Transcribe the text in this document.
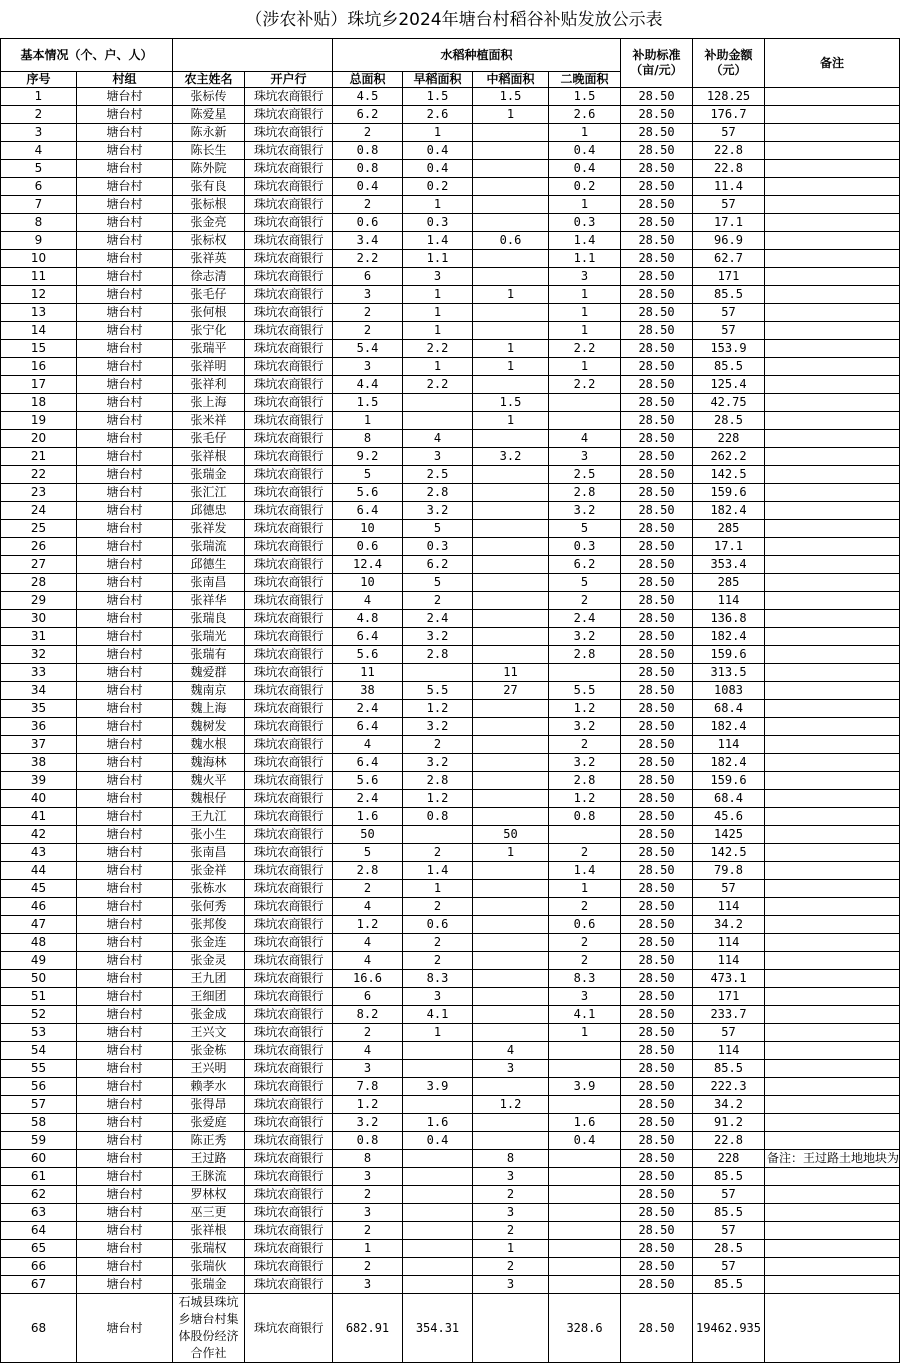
（涉农补贴）珠坑乡2024年塘台村稻谷补贴发放公示表
基本情况（个、户、人）				水稻种植面积				补助标准（亩/元）	补助金额（元）	备注
序号	村组	农主姓名	开户行	总面积	早稻面积	中稻面积	二晚面积			
1	塘台村	张标传	珠坑农商银行	4.5	1.5	1.5	1.5	28.50	128.25	
2	塘台村	陈爱星	珠坑农商银行	6.2	2.6	1	2.6	28.50	176.7	
3	塘台村	陈永新	珠坑农商银行	2	1		1	28.50	57	
4	塘台村	陈长生	珠坑农商银行	0.8	0.4		0.4	28.50	22.8	
5	塘台村	陈外院	珠坑农商银行	0.8	0.4		0.4	28.50	22.8	
6	塘台村	张有良	珠坑农商银行	0.4	0.2		0.2	28.50	11.4	
7	塘台村	张标根	珠坑农商银行	2	1		1	28.50	57	
8	塘台村	张金亮	珠坑农商银行	0.6	0.3		0.3	28.50	17.1	
9	塘台村	张标权	珠坑农商银行	3.4	1.4	0.6	1.4	28.50	96.9	
10	塘台村	张祥英	珠坑农商银行	2.2	1.1		1.1	28.50	62.7	
11	塘台村	徐志清	珠坑农商银行	6	3		3	28.50	171	
12	塘台村	张毛仔	珠坑农商银行	3	1	1	1	28.50	85.5	
13	塘台村	张何根	珠坑农商银行	2	1		1	28.50	57	
14	塘台村	张宁化	珠坑农商银行	2	1		1	28.50	57	
15	塘台村	张瑞平	珠坑农商银行	5.4	2.2	1	2.2	28.50	153.9	
16	塘台村	张祥明	珠坑农商银行	3	1	1	1	28.50	85.5	
17	塘台村	张祥利	珠坑农商银行	4.4	2.2		2.2	28.50	125.4	
18	塘台村	张上海	珠坑农商银行	1.5		1.5		28.50	42.75	
19	塘台村	张米祥	珠坑农商银行	1		1		28.50	28.5	
20	塘台村	张毛仔	珠坑农商银行	8	4		4	28.50	228	
21	塘台村	张祥根	珠坑农商银行	9.2	3	3.2	3	28.50	262.2	
22	塘台村	张瑞金	珠坑农商银行	5	2.5		2.5	28.50	142.5	
23	塘台村	张汇江	珠坑农商银行	5.6	2.8		2.8	28.50	159.6	
24	塘台村	邱德忠	珠坑农商银行	6.4	3.2		3.2	28.50	182.4	
25	塘台村	张祥发	珠坑农商银行	10	5		5	28.50	285	
26	塘台村	张瑞流	珠坑农商银行	0.6	0.3		0.3	28.50	17.1	
27	塘台村	邱德生	珠坑农商银行	12.4	6.2		6.2	28.50	353.4	
28	塘台村	张南昌	珠坑农商银行	10	5		5	28.50	285	
29	塘台村	张祥华	珠坑农商银行	4	2		2	28.50	114	
30	塘台村	张瑞良	珠坑农商银行	4.8	2.4		2.4	28.50	136.8	
31	塘台村	张瑞光	珠坑农商银行	6.4	3.2		3.2	28.50	182.4	
32	塘台村	张瑞有	珠坑农商银行	5.6	2.8		2.8	28.50	159.6	
33	塘台村	魏爱群	珠坑农商银行	11		11		28.50	313.5	
34	塘台村	魏南京	珠坑农商银行	38	5.5	27	5.5	28.50	1083	
35	塘台村	魏上海	珠坑农商银行	2.4	1.2		1.2	28.50	68.4	
36	塘台村	魏树发	珠坑农商银行	6.4	3.2		3.2	28.50	182.4	
37	塘台村	魏水根	珠坑农商银行	4	2		2	28.50	114	
38	塘台村	魏海林	珠坑农商银行	6.4	3.2		3.2	28.50	182.4	
39	塘台村	魏火平	珠坑农商银行	5.6	2.8		2.8	28.50	159.6	
40	塘台村	魏根仔	珠坑农商银行	2.4	1.2		1.2	28.50	68.4	
41	塘台村	王九江	珠坑农商银行	1.6	0.8		0.8	28.50	45.6	
42	塘台村	张小生	珠坑农商银行	50		50		28.50	1425	
43	塘台村	张南昌	珠坑农商银行	5	2	1	2	28.50	142.5	
44	塘台村	张金祥	珠坑农商银行	2.8	1.4		1.4	28.50	79.8	
45	塘台村	张栋水	珠坑农商银行	2	1		1	28.50	57	
46	塘台村	张何秀	珠坑农商银行	4	2		2	28.50	114	
47	塘台村	张邦俊	珠坑农商银行	1.2	0.6		0.6	28.50	34.2	
48	塘台村	张金连	珠坑农商银行	4	2		2	28.50	114	
49	塘台村	张金灵	珠坑农商银行	4	2		2	28.50	114	
50	塘台村	王九团	珠坑农商银行	16.6	8.3		8.3	28.50	473.1	
51	塘台村	王细团	珠坑农商银行	6	3		3	28.50	171	
52	塘台村	张金成	珠坑农商银行	8.2	4.1		4.1	28.50	233.7	
53	塘台村	王兴文	珠坑农商银行	2	1		1	28.50	57	
54	塘台村	张金栋	珠坑农商银行	4		4		28.50	114	
55	塘台村	王兴明	珠坑农商银行	3		3		28.50	85.5	
56	塘台村	赖孝水	珠坑农商银行	7.8	3.9		3.9	28.50	222.3	
57	塘台村	张得昂	珠坑农商银行	1.2		1.2		28.50	34.2	
58	塘台村	张爱庭	珠坑农商银行	3.2	1.6		1.6	28.50	91.2	
59	塘台村	陈正秀	珠坑农商银行	0.8	0.4		0.4	28.50	22.8	
60	塘台村	王过路	珠坑农商银行	8		8		28.50	228	备注：王过路土地地块为
61	塘台村	王脒流	珠坑农商银行	3		3		28.50	85.5	
62	塘台村	罗林权	珠坑农商银行	2		2		28.50	57	
63	塘台村	巫三更	珠坑农商银行	3		3		28.50	85.5	
64	塘台村	张祥根	珠坑农商银行	2		2		28.50	57	
65	塘台村	张瑞权	珠坑农商银行	1		1		28.50	28.5	
66	塘台村	张瑞伙	珠坑农商银行	2		2		28.50	57	
67	塘台村	张瑞金	珠坑农商银行	3		3		28.50	85.5	
68	塘台村	石城县珠坑乡塘台村集体股份经济合作社	珠坑农商银行	682.91	354.31		328.6	28.50	19462.935	
